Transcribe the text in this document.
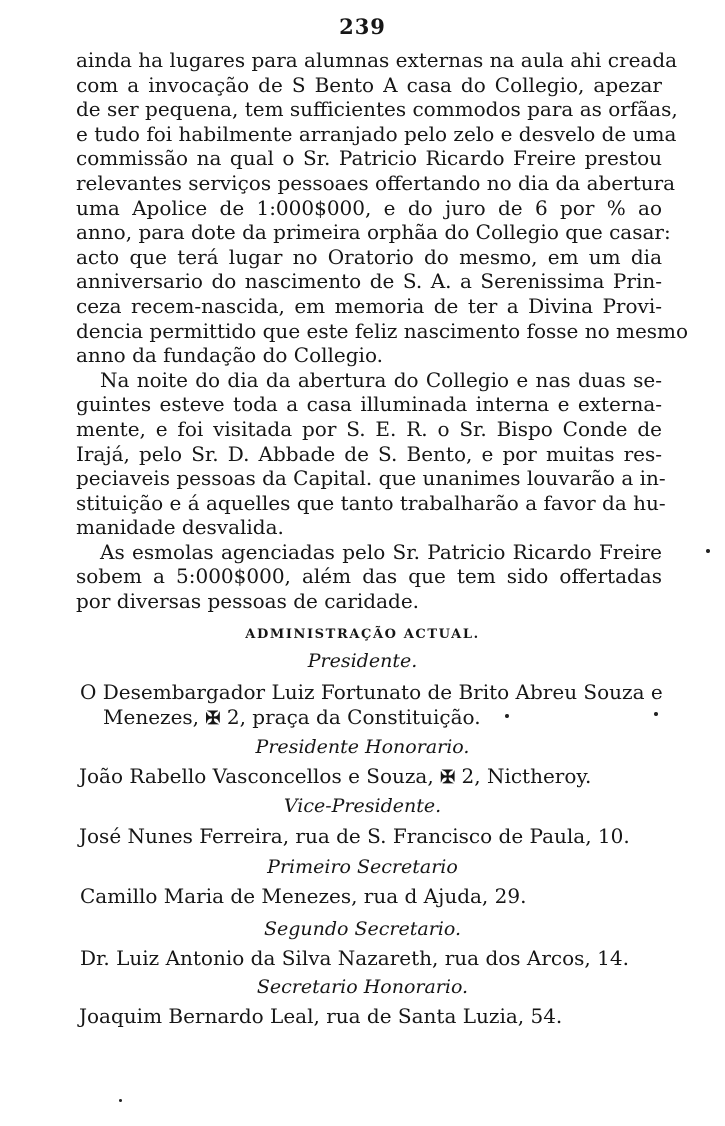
239
ainda ha lugares para alumnas externas na aula ahi creada
com a invocação de S Bento A casa do Collegio, apezar
de ser pequena, tem sufficientes commodos para as orfãas,
e tudo foi habilmente arranjado pelo zelo e desvelo de uma
commissão na qual o Sr. Patricio Ricardo Freire prestou
relevantes serviços pessoaes offertando no dia da abertura
uma Apolice de 1:000$000, e do juro de 6 por % ao
anno, para dote da primeira orphãa do Collegio que casar:
acto que terá lugar no Oratorio do mesmo, em um dia
anniversario do nascimento de S. A. a Serenissima Prin-
ceza recem-nascida, em memoria de ter a Divina Provi-
dencia permittido que este feliz nascimento fosse no mesmo
anno da fundação do Collegio.
Na noite do dia da abertura do Collegio e nas duas se-
guintes esteve toda a casa illuminada interna e externa-
mente, e foi visitada por S. E. R. o Sr. Bispo Conde de
Irajá, pelo Sr. D. Abbade de S. Bento, e por muitas res-
peciaveis pessoas da Capital. que unanimes louvarão a in-
stituição e á aquelles que tanto trabalharão a favor da hu-
manidade desvalida.
As esmolas agenciadas pelo Sr. Patricio Ricardo Freire
sobem a 5:000$000, além das que tem sido offertadas
por diversas pessoas de caridade.
ADMINISTRAÇÃO ACTUAL.
Presidente.
O Desembargador Luiz Fortunato de Brito Abreu Souza e
Menezes, ✠ 2, praça da Constituição.
Presidente Honorario.
João Rabello Vasconcellos e Souza, ✠ 2, Nictheroy.
Vice-Presidente.
José Nunes Ferreira, rua de S. Francisco de Paula, 10.
Primeiro Secretario
Camillo Maria de Menezes, rua d Ajuda, 29.
Segundo Secretario.
Dr. Luiz Antonio da Silva Nazareth, rua dos Arcos, 14.
Secretario Honorario.
Joaquim Bernardo Leal, rua de Santa Luzia, 54.
